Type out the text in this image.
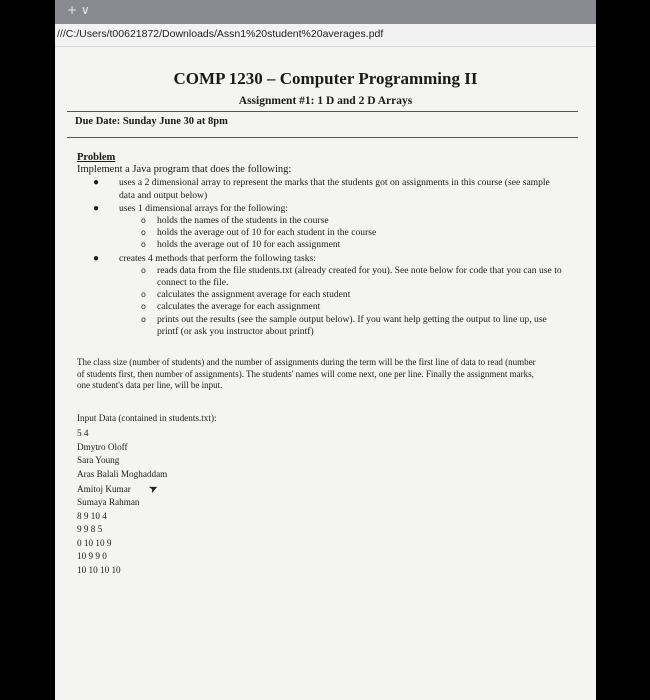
+ ∨
///C:/Users/t00621872/Downloads/Assn1%20student%20averages.pdf
COMP 1230 – Computer Programming II
Assignment #1: 1 D and 2 D Arrays
Due Date: Sunday June 30 at 8pm
Problem
Implement a Java program that does the following:
● uses a 2 dimensional array to represent the marks that the students got on assignments in this course (see sample data and output below)
● uses 1 dimensional arrays for the following:
o holds the names of the students in the course
o holds the average out of 10 for each student in the course
o holds the average out of 10 for each assignment
● creates 4 methods that perform the following tasks:
o reads data from the file students.txt (already created for you). See note below for code that you can use to connect to the file.
o calculates the assignment average for each student
o calculates the average for each assignment
o prints out the results (see the sample output below). If you want help getting the output to line up, use printf (or ask you instructor about printf)
The class size (number of students) and the number of assignments during the term will be the first line of data to read (number of students first, then number of assignments). The students' names will come next, one per line. Finally the assignment marks, one student's data per line, will be input.
Input Data (contained in students.txt):
5 4
Dmytro Oloff
Sara Young
Aras Balali Moghaddam
Amitoj Kumar ➤
Sumaya Rahman
8 9 10 4
9 9 8 5
0 10 10 9
10 9 9 0
10 10 10 10
